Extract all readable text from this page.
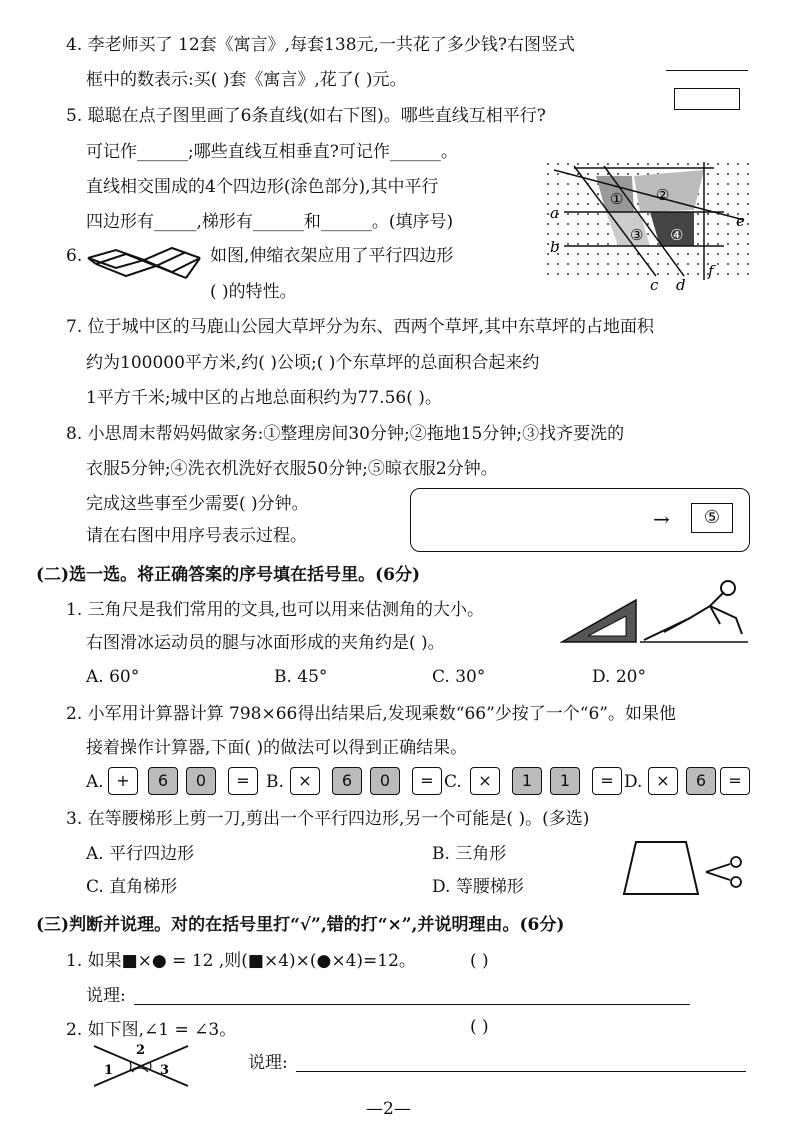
4. 李老师买了 12套《寓言》,每套138元,一共花了多少钱?右图竖式
框中的数表示:买( )套《寓言》,花了( )元。
5. 聪聪在点子图里画了6条直线(如右下图)。哪些直线互相平行?
可记作______;哪些直线互相垂直?可记作______。
直线相交围成的4个四边形(涂色部分),其中平行
四边形有_____,梯形有______和______。(填序号)
① ②
③ ④
a
b
c d
e
f
6.	如图,伸缩衣架应用了平行四边形
( )的特性。
7. 位于城中区的马鹿山公园大草坪分为东、西两个草坪,其中东草坪的占地面积
约为100000平方米,约( )公顷;( )个东草坪的总面积合起来约
1平方千米;城中区的占地总面积约为77.56( )。
8. 小思周末帮妈妈做家务:①整理房间30分钟;②拖地15分钟;③找齐要洗的
衣服5分钟;④洗衣机洗好衣服50分钟;⑤晾衣服2分钟。
完成这些事至少需要( )分钟。
请在右图中用序号表示过程。
→	⑤
(二)选一选。将正确答案的序号填在括号里。(6分)
1. 三角尺是我们常用的文具,也可以用来估测角的大小。
右图滑冰运动员的腿与冰面形成的夹角约是( )。
A. 60°	B. 45°	C. 30°	D. 20°
2. 小军用计算器计算 798×66得出结果后,发现乘数“66”少按了一个“6”。如果他
接着操作计算器,下面( )的做法可以得到正确结果。
A. +	6	0	= B. ×	6	0	= C.	×	1	1	= D. ×	6	=
3. 在等腰梯形上剪一刀,剪出一个平行四边形,另一个可能是( )。(多选)
A. 平行四边形	B. 三角形
C. 直角梯形	D. 等腰梯形
(三)判断并说理。对的在括号里打“√”,错的打“×”,并说明理由。(6分)
1. 如果■×● = 12 ,则(■×4)×(●×4)=12。	( )
说理:
2. 如下图,∠1 = ∠3。	( )
1
2
3	说理:
—2—
